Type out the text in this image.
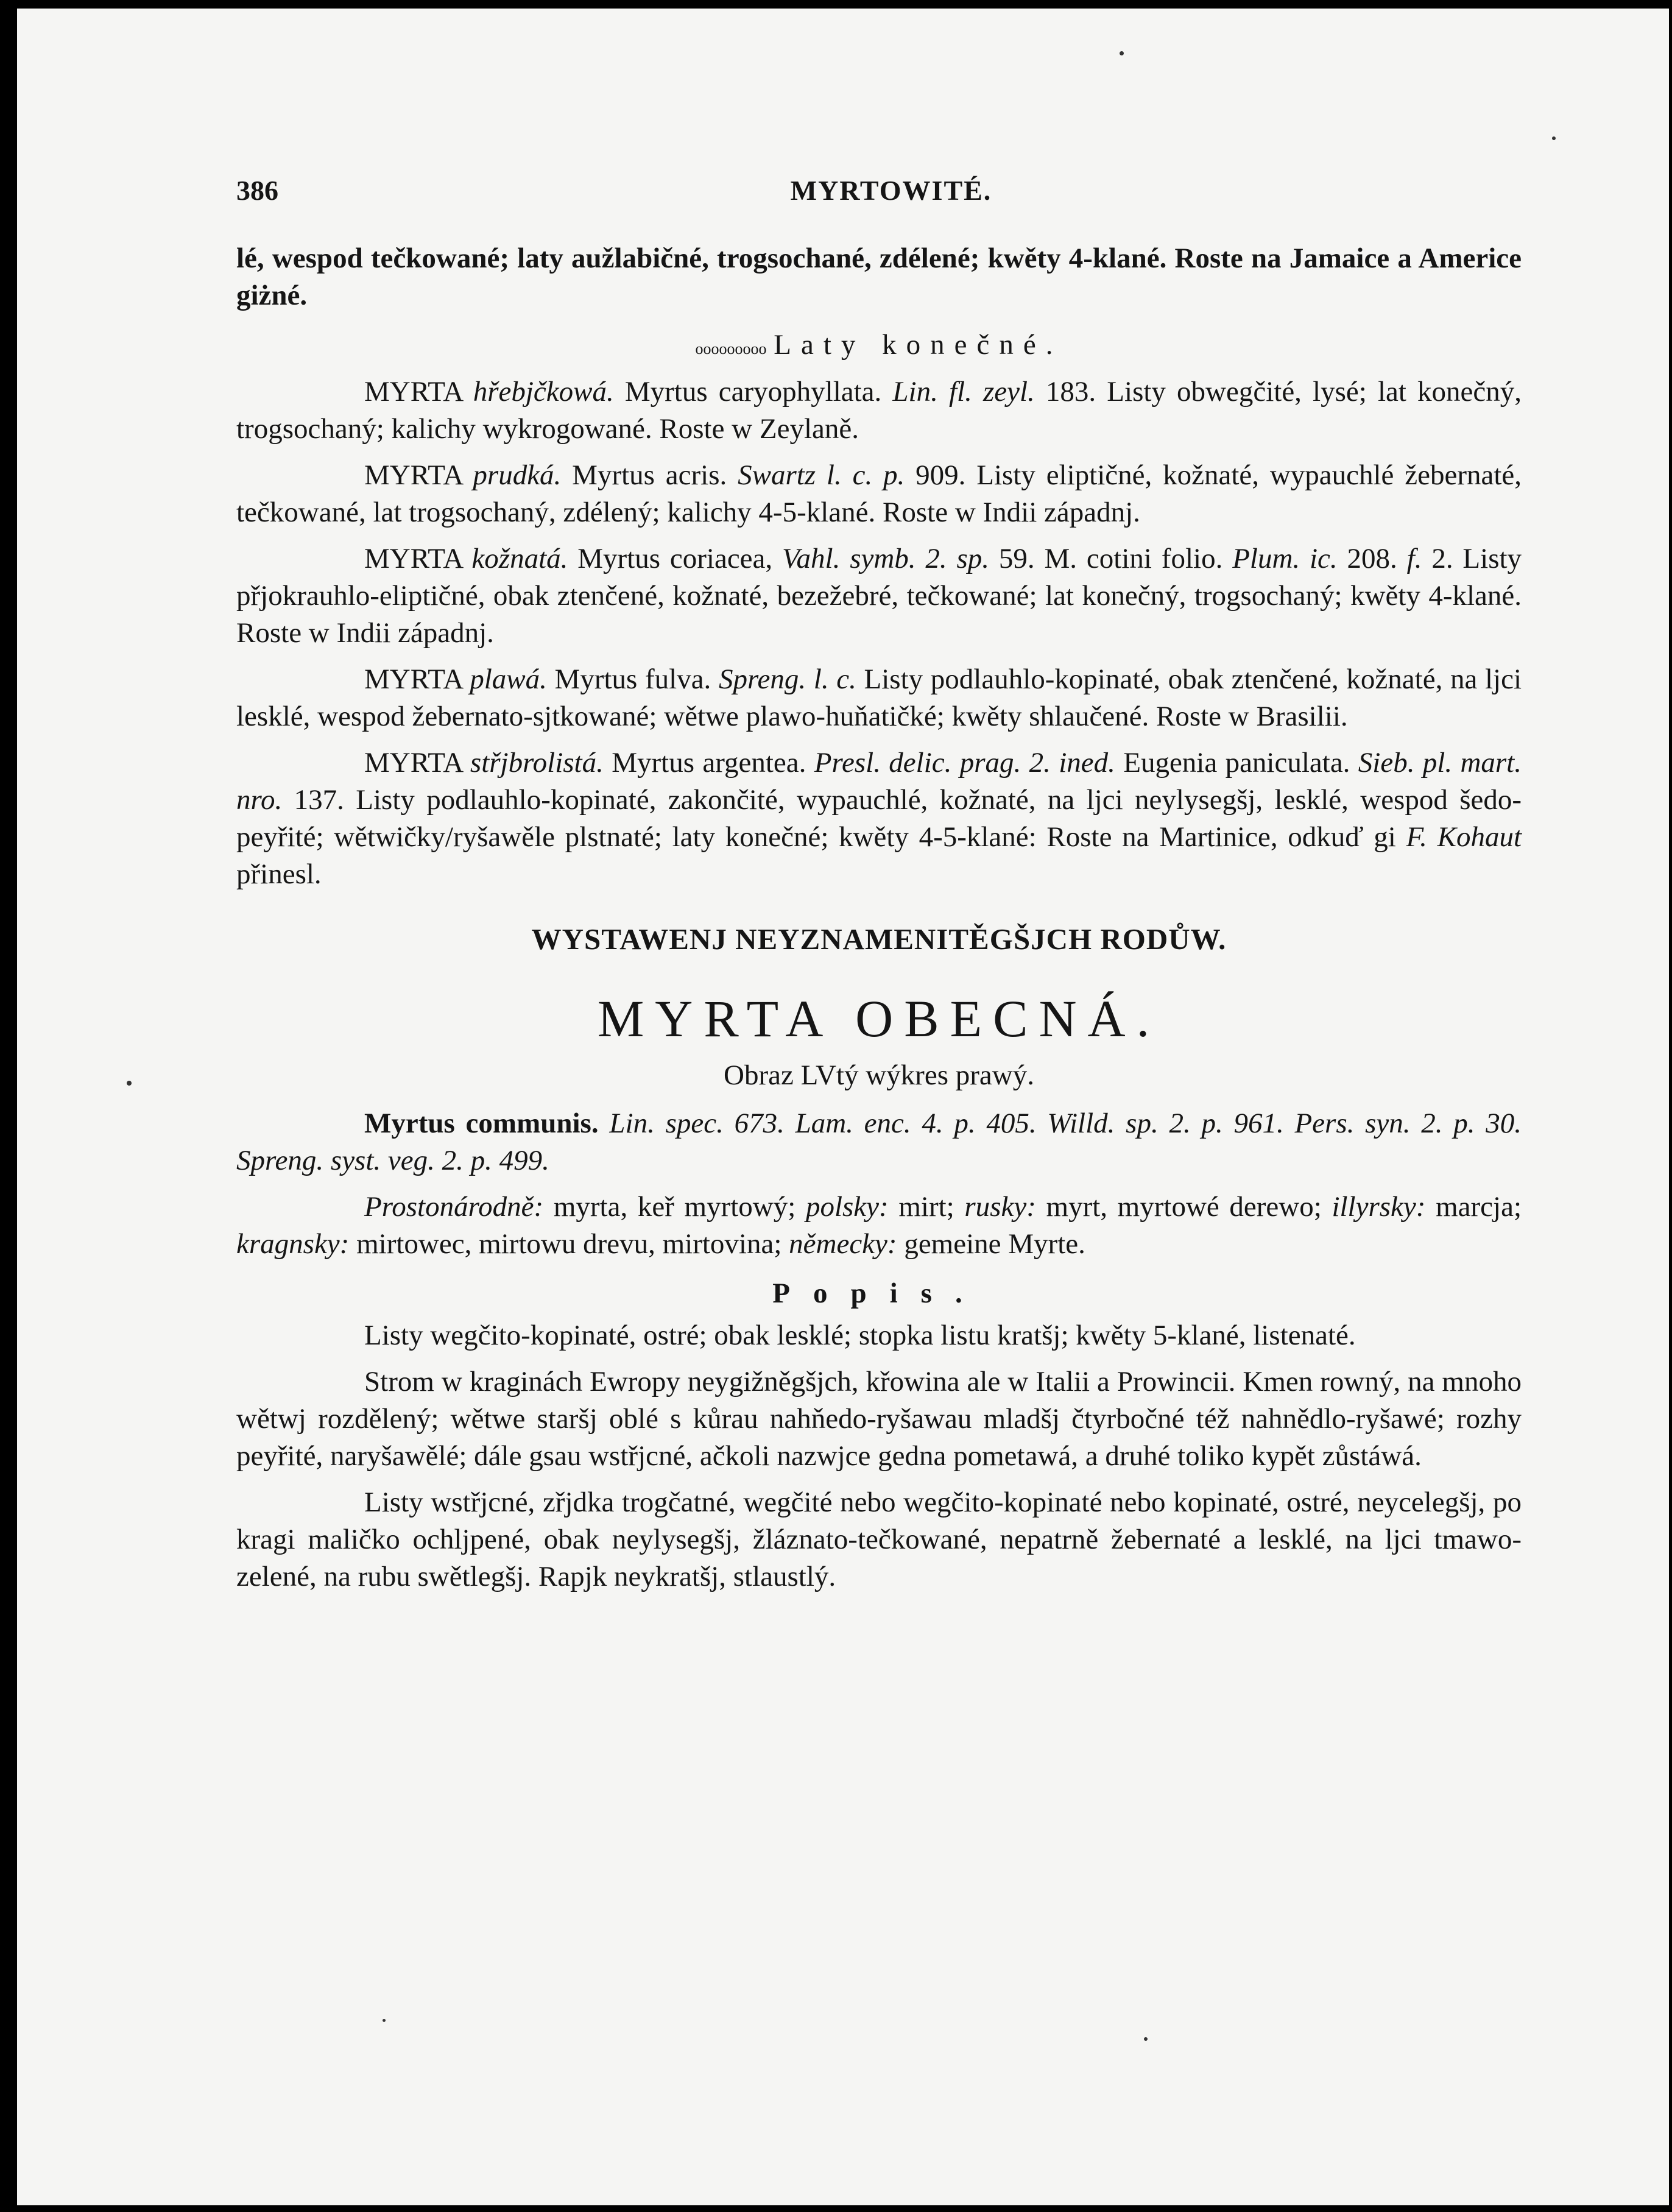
386	MYRTOWITÉ.

lé, wespod tečkowané; laty aužlabičné, trogsochané, zdélené; kwěty 4-klané. Roste na Jamaice a Americe giżné.

ooooooooo Laty konečné.

MYRTA hřebjčkowá. Myrtus caryophyllata. Lin. fl. zeyl. 183. Listy obwegčité, lysé; lat konečný, trogsochaný; kalichy wykrogowané. Roste w Zeylaně.

MYRTA prudká. Myrtus acris. Swartz l. c. p. 909. Listy eliptičné, kožnaté, wypauchlé žebernaté, tečkowané, lat trogsochaný, zdélený; kalichy 4-5-klané. Roste w Indii západnj.

MYRTA kožnatá. Myrtus coriacea, Vahl. symb. 2. sp. 59. M. cotini folio. Plum. ic. 208. f. 2. Listy přjokrauhlo-eliptičné, obak ztenčené, kožnaté, bezežebré, tečkowané; lat konečný, trogsochaný; kwěty 4-klané. Roste w Indii západnj.

MYRTA plawá. Myrtus fulva. Spreng. l. c. Listy podlauhlo-kopinaté, obak ztenčené, kožnaté, na ljci lesklé, wespod žebernato-sjtkowané; wětwe plawo-huňatičké; kwěty shlaučené. Roste w Brasilii.

MYRTA střjbrolistá. Myrtus argentea. Presl. delic. prag. 2. ined. Eugenia paniculata. Sieb. pl. mart. nro. 137. Listy podlauhlo-kopinaté, zakončité, wypauchlé, kožnaté, na ljci neylysegšj, lesklé, wespod šedo-peyřité; wětwičky/ryšawěle plstnaté; laty konečné; kwěty 4-5-klané: Roste na Martinice, odkuď gi F. Kohaut přinesl.

WYSTAWENJ NEYZNAMENITĚGŠJCH RODŮW.

MYRTA OBECNÁ.

Obraz LVtý wýkres prawý.

Myrtus communis. Lin. spec. 673. Lam. enc. 4. p. 405. Willd. sp. 2. p. 961. Pers. syn. 2. p. 30. Spreng. syst. veg. 2. p. 499.

Prostonárodně: myrta, keř myrtowý; polsky: mirt; rusky: myrt, myrtowé derewo; illyrsky: marcja; kragnsky: mirtowec, mirtowu drevu, mirtovina; německy: gemeine Myrte.

Popis.

Listy wegčito-kopinaté, ostré; obak lesklé; stopka listu kratšj; kwěty 5-klané, listenaté.

Strom w kraginách Ewropy neygižněgšjch, křowina ale w Italii a Prowincii. Kmen rowný, na mnoho wětwj rozdělený; wětwe staršj oblé s kůrau nahňedo-ryšawau mladšj čtyrbočné též nahnědlo-ryšawé; rozhy peyřité, naryšawělé; dále gsau wstřjcné, ačkoli nazwjce gedna pometawá, a druhé toliko kypět zůstáwá.

Listy wstřjcné, zřjdka trogčatné, wegčité nebo wegčito-kopinaté nebo kopinaté, ostré, neycelegšj, po kragi maličko ochljpené, obak neylysegšj, žláznato-tečkowané, nepatrně žebernaté a lesklé, na ljci tmawo-zelené, na rubu swětlegšj. Rapjk neykratšj, stlaustlý.
